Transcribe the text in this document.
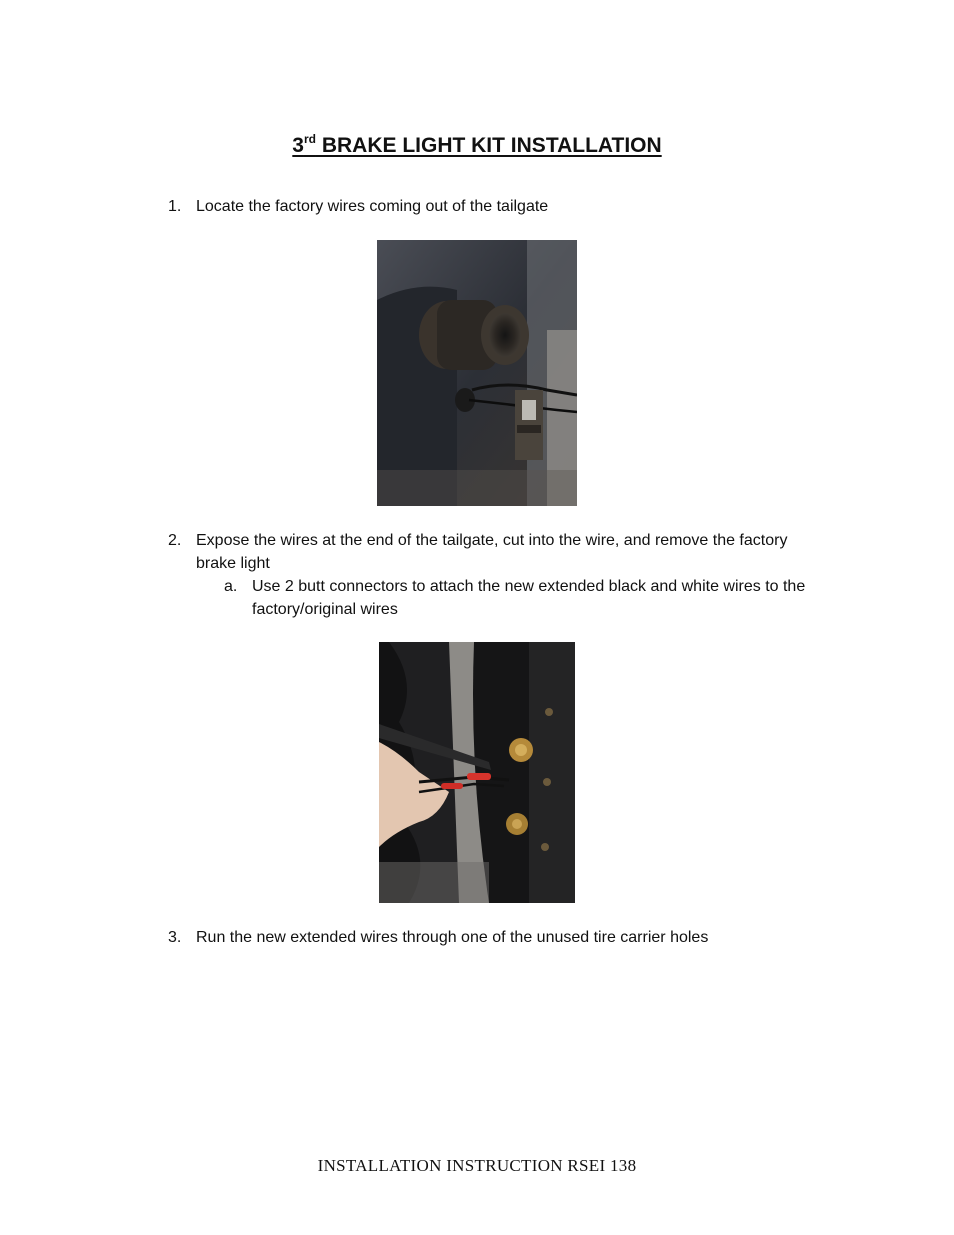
3rd BRAKE LIGHT KIT INSTALLATION
1. Locate the factory wires coming out of the tailgate
2. Expose the wires at the end of the tailgate, cut into the wire, and remove the factory brake light
a. Use 2 butt connectors to attach the new extended black and white wires to the factory/original wires
3. Run the new extended wires through one of the unused tire carrier holes
INSTALLATION INSTRUCTION RSEI 138
